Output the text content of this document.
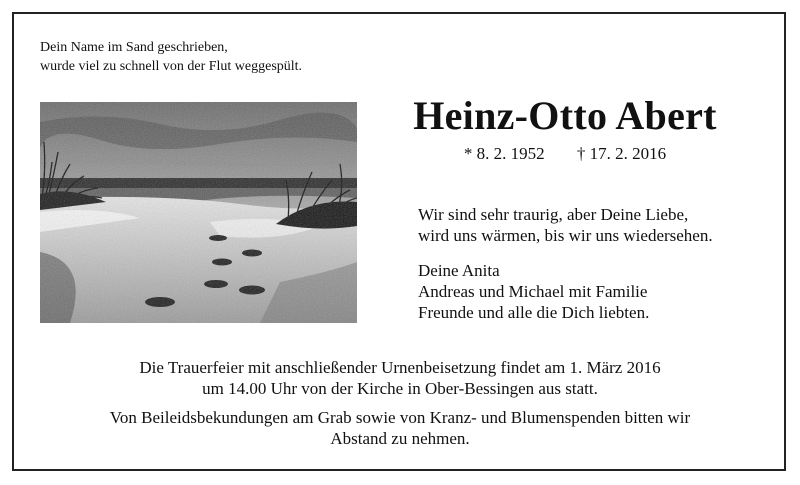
Dein Name im Sand geschrieben,
wurde viel zu schnell von der Flut weggespült.

Heinz-Otto Abert
* 8. 2. 1952 † 17. 2. 2016
Wir sind sehr traurig, aber Deine Liebe,
wird uns wärmen, bis wir uns wiedersehen.
Deine Anita
Andreas und Michael mit Familie
Freunde und alle die Dich liebten.
Die Trauerfeier mit anschließender Urnenbeisetzung findet am 1. März 2016
um 14.00 Uhr von der Kirche in Ober-Bessingen aus statt.
Von Beileidsbekundungen am Grab sowie von Kranz- und Blumenspenden bitten wir
Abstand zu nehmen.
